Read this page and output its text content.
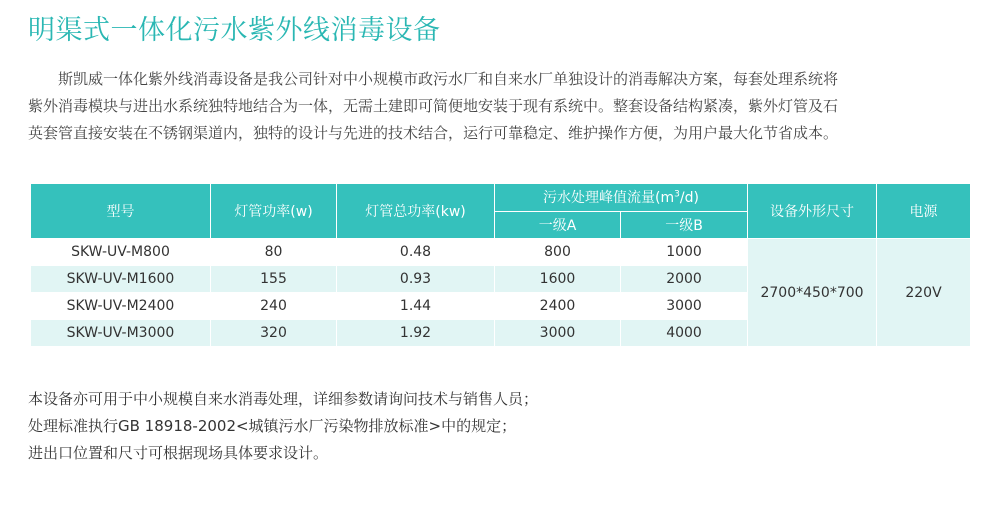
明渠式一体化污水紫外线消毒设备
斯凯威一体化紫外线消毒设备是我公司针对中小规模市政污水厂和自来水厂单独设计的消毒解决方案，每套处理系统将
紫外消毒模块与进出水系统独特地结合为一体，无需土建即可简便地安装于现有系统中。整套设备结构紧凑，紫外灯管及石
英套管直接安装在不锈钢渠道内，独特的设计与先进的技术结合，运行可靠稳定、维护操作方便，为用户最大化节省成本。
型号	灯管功率(w)	灯管总功率(kw)	污水处理峰值流量$(m^3/d)$		设备外形尺寸	电源
			一级A	一级B		
SKW-UV-M800	80	0.48	800	1000	2700*450*700	220V
SKW-UV-M1600	155	0.93	1600	2000		
SKW-UV-M2400	240	1.44	2400	3000		
SKW-UV-M3000	320	1.92	3000	4000		
本设备亦可用于中小规模自来水消毒处理，详细参数请询问技术与销售人员；
处理标准执行GB 18918-2002<城镇污水厂污染物排放标准>中的规定；
进出口位置和尺寸可根据现场具体要求设计。
